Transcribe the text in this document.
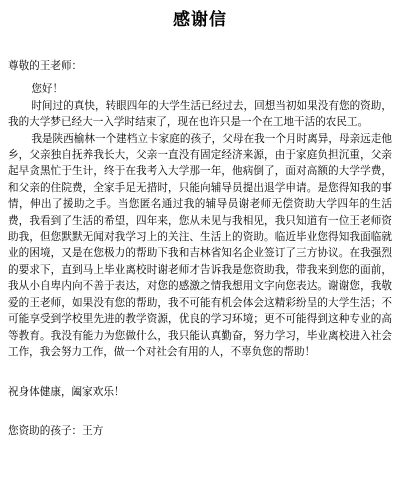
感谢信

尊敬的王老师：

您好！

时间过的真快，转眼四年的大学生活已经过去，回想当初如果没有您的资助，我的大学梦已经大一入学时结束了，现在也许只是一个在工地干活的农民工。

我是陕西榆林一个建档立卡家庭的孩子，父母在我一个月时离异，母亲远走他乡，父亲独自抚养我长大，父亲一直没有固定经济来源，由于家庭负担沉重，父亲起早贪黑忙于生计，终于在我考入大学那一年，他病倒了，面对高额的大学学费，和父亲的住院费，全家手足无措时，只能向辅导员提出退学申请。是您得知我的事情，伸出了援助之手。当您匿名通过我的辅导员谢老师无偿资助大学四年的生活费，我看到了生活的希望，四年来，您从未见与我相见，我只知道有一位王老师资助我，但您默默无闻对我学习上的关注、生活上的资助。临近毕业您得知我面临就业的困境，又是在您极力的帮助下我和吉林省知名企业签订了三方协议。在我强烈的要求下，直到马上毕业离校时谢老师才告诉我是您资助我，带我来到您的面前，我从小自卑内向不善于表达，对您的感激之情我想用文字向您表达。谢谢您，我敬爱的王老师，如果没有您的帮助，我不可能有机会体会这精彩纷呈的大学生活；不可能享受到学校里先进的教学资源，优良的学习环境；更不可能得到这种专业的高等教育。我没有能力为您做什么，我只能认真勤奋，努力学习，毕业离校进入社会工作，我会努力工作，做一个对社会有用的人，不辜负您的帮助！

祝身体健康，阖家欢乐！

您资助的孩子：王方
